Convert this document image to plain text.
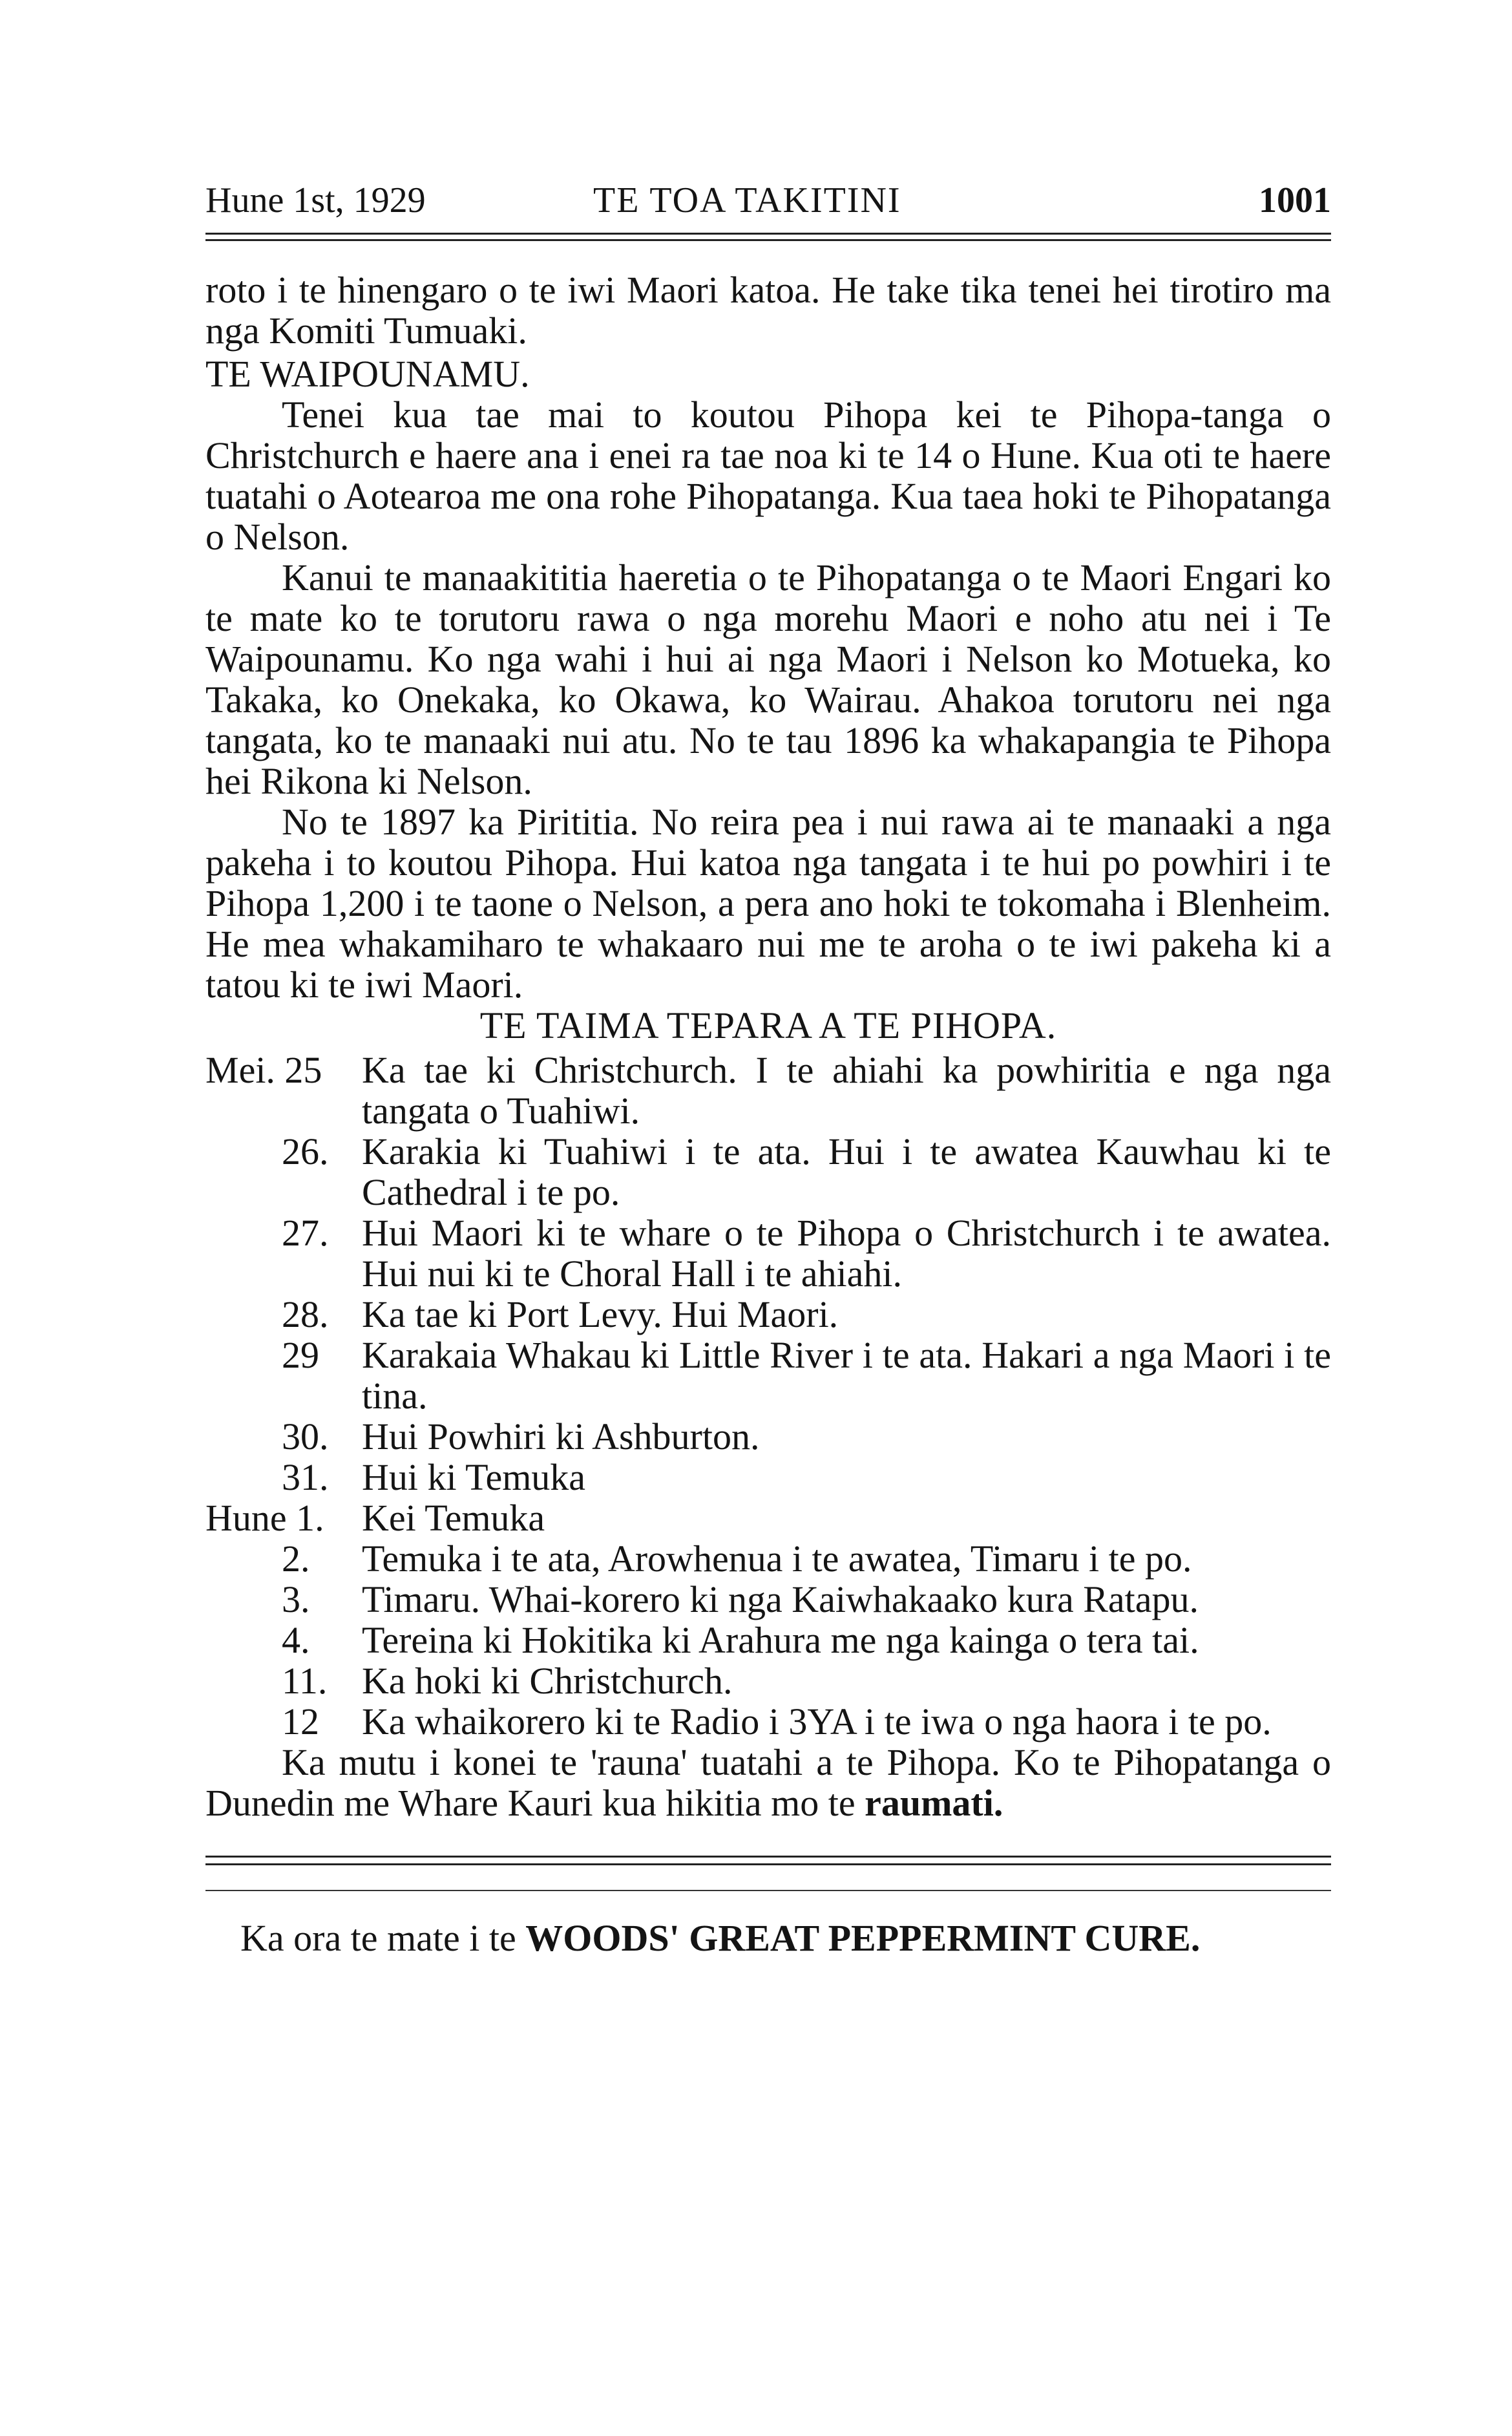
Hune 1st, 1929	TE TOA TAKITINI	1001

roto i te hinengaro o te iwi Maori katoa. He take tika tenei hei tirotiro ma nga Komiti Tumuaki.

TE WAIPOUNAMU.

Tenei kua tae mai to koutou Pihopa kei te Pihopa-tanga o Christchurch e haere ana i enei ra tae noa ki te 14 o Hune. Kua oti te haere tuatahi o Aotearoa me ona rohe Pihopatanga. Kua taea hoki te Pihopatanga o Nelson.

Kanui te manaakititia haeretia o te Pihopatanga o te Maori Engari ko te mate ko te torutoru rawa o nga morehu Maori e noho atu nei i Te Waipounamu. Ko nga wahi i hui ai nga Maori i Nelson ko Motueka, ko Takaka, ko Onekaka, ko Okawa, ko Wairau. Ahakoa torutoru nei nga tangata, ko te manaaki nui atu. No te tau 1896 ka whakapangia te Pihopa hei Rikona ki Nelson.

No te 1897 ka Pirititia. No reira pea i nui rawa ai te manaaki a nga pakeha i to koutou Pihopa. Hui katoa nga tangata i te hui po powhiri i te Pihopa 1,200 i te taone o Nelson, a pera ano hoki te tokomaha i Blenheim. He mea whakamiharo te whakaaro nui me te aroha o te iwi pakeha ki a tatou ki te iwi Maori.

TE TAIMA TEPARA A TE PIHOPA.

Mei. 25	Ka tae ki Christchurch. I te ahiahi ka powhiritia e nga nga tangata o Tuahiwi.
26. Karakia ki Tuahiwi i te ata. Hui i te awatea Kauwhau ki te Cathedral i te po.
27. Hui Maori ki te whare o te Pihopa o Christchurch i te awatea. Hui nui ki te Choral Hall i te ahiahi.
28. Ka tae ki Port Levy. Hui Maori.
29	Karakaia Whakau ki Little River i te ata. Hakari a nga Maori i te tina.
30. Hui Powhiri ki Ashburton.
31. Hui ki Temuka
Hune 1.	Kei Temuka
2.	Temuka i te ata, Arowhenua i te awatea, Timaru i te po.
3.	Timaru. Whai-korero ki nga Kaiwhakaako kura Ratapu.
4.	Tereina ki Hokitika ki Arahura me nga kainga o tera tai.
11. Ka hoki ki Christchurch.
12	Ka whaikorero ki te Radio i 3YA i te iwa o nga haora i te po.

Ka mutu i konei te 'rauna' tuatahi a te Pihopa. Ko te Pihopatanga o Dunedin me Whare Kauri kua hikitia mo te raumati.

Ka ora te mate i te WOODS' GREAT PEPPERMINT CURE.
